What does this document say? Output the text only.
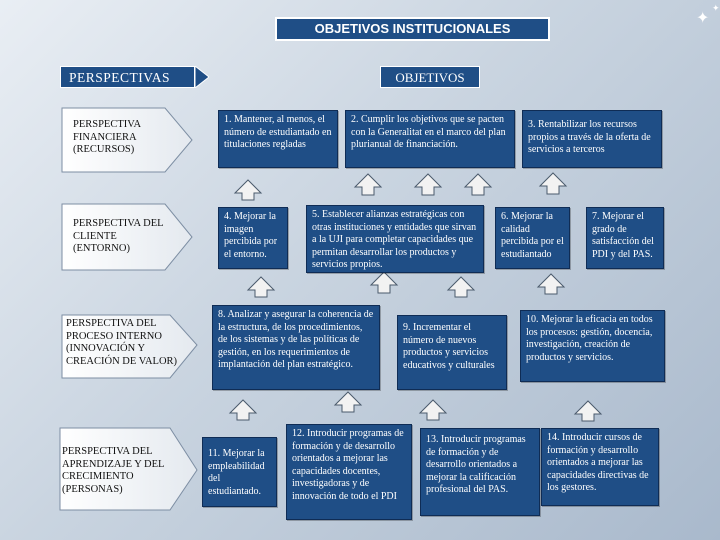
✦ ✦
OBJETIVOS INSTITUCIONALES
PERSPECTIVAS	OBJETIVOS
PERSPECTIVA FINANCIERA (RECURSOS)
PERSPECTIVA DEL CLIENTE (ENTORNO)
PERSPECTIVA DEL PROCESO INTERNO (INNOVACIÓN Y CREACIÓN DE VALOR)
PERSPECTIVA DEL APRENDIZAJE Y DEL CRECIMIENTO (PERSONAS)
1. Mantener, al menos, el número de estudiantado en titulaciones regladas
2. Cumplir los objetivos que se pacten con la Generalitat en el marco del plan plurianual de financiación.
3. Rentabilizar los recursos propios a través de la oferta de servicios a terceros
4. Mejorar la imagen percibida por el entorno.
5. Establecer alianzas estratégicas con otras instituciones y entidades que sirvan a la UJI para completar capacidades que permitan desarrollar los productos y servicios propios.
6. Mejorar la calidad percibida por el estudiantado
7. Mejorar el grado de satisfacción del PDI y del PAS.
8. Analizar y asegurar la coherencia de la estructura, de los procedimientos, de los sistemas y de las políticas de gestión, en los requerimientos de implantación del plan estratégico.
9. Incrementar el número de nuevos productos y servicios educativos y culturales
10. Mejorar la eficacia en todos los procesos: gestión, docencia, investigación, creación de productos y servicios.
11. Mejorar la empleabilidad del estudiantado.
12. Introducir programas de formación y de desarrollo orientados a mejorar las capacidades docentes, investigadoras y de innovación de todo el PDI
13. Introducir programas de formación y de desarrollo orientados a mejorar la calificación profesional del PAS.
14. Introducir cursos de formación y desarrollo orientados a mejorar las capacidades directivas de los gestores.
